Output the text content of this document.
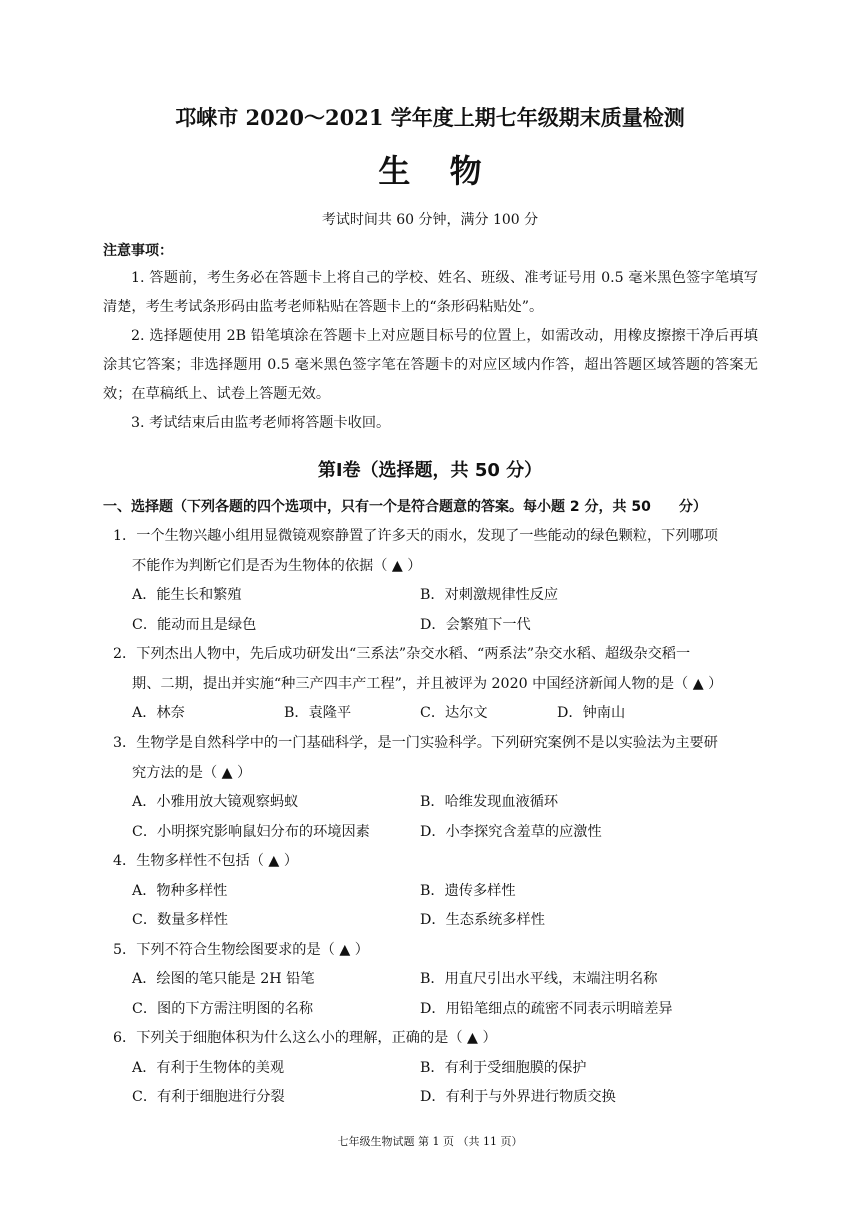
邛崃市 2020～2021 学年度上期七年级期末质量检测
生 物
考试时间共 60 分钟，满分 100 分
注意事项：
1. 答题前，考生务必在答题卡上将自己的学校、姓名、班级、准考证号用 0.5 毫米黑色签字笔填写清楚，考生考试条形码由监考老师粘贴在答题卡上的“条形码粘贴处”。
2. 选择题使用 2B 铅笔填涂在答题卡上对应题目标号的位置上，如需改动，用橡皮擦擦干净后再填涂其它答案；非选择题用 0.5 毫米黑色签字笔在答题卡的对应区域内作答，超出答题区域答题的答案无效；在草稿纸上、试卷上答题无效。
3. 考试结束后由监考老师将答题卡收回。
第Ⅰ卷（选择题，共 50 分）
一、选择题（下列各题的四个选项中，只有一个是符合题意的答案。每小题 2 分，共 50　　分）
1．一个生物兴趣小组用显微镜观察静置了许多天的雨水，发现了一些能动的绿色颗粒，下列哪项
不能作为判断它们是否为生物体的依据（ ▲ ）
A．能生长和繁殖	B．对刺激规律性反应
C．能动而且是绿色	D．会繁殖下一代
2．下列杰出人物中，先后成功研发出“三系法”杂交水稻、“两系法”杂交水稻、超级杂交稻一
期、二期，提出并实施“种三产四丰产工程”，并且被评为 2020 中国经济新闻人物的是（ ▲ ）
A．林奈	B．袁隆平	C．达尔文	D．钟南山
3．生物学是自然科学中的一门基础科学，是一门实验科学。下列研究案例不是以实验法为主要研
究方法的是（ ▲ ）
A．小雅用放大镜观察蚂蚁	B．哈维发现血液循环
C．小明探究影响鼠妇分布的环境因素	D．小李探究含羞草的应激性
4．生物多样性不包括（ ▲ ）
A．物种多样性	B．遗传多样性
C．数量多样性	D．生态系统多样性
5．下列不符合生物绘图要求的是（ ▲ ）
A．绘图的笔只能是 2H 铅笔	B．用直尺引出水平线，末端注明名称
C．图的下方需注明图的名称	D．用铅笔细点的疏密不同表示明暗差异
6．下列关于细胞体积为什么这么小的理解，正确的是（ ▲ ）
A．有利于生物体的美观	B．有利于受细胞膜的保护
C．有利于细胞进行分裂	D．有利于与外界进行物质交换
七年级生物试题 第 1 页 （共 11 页）
